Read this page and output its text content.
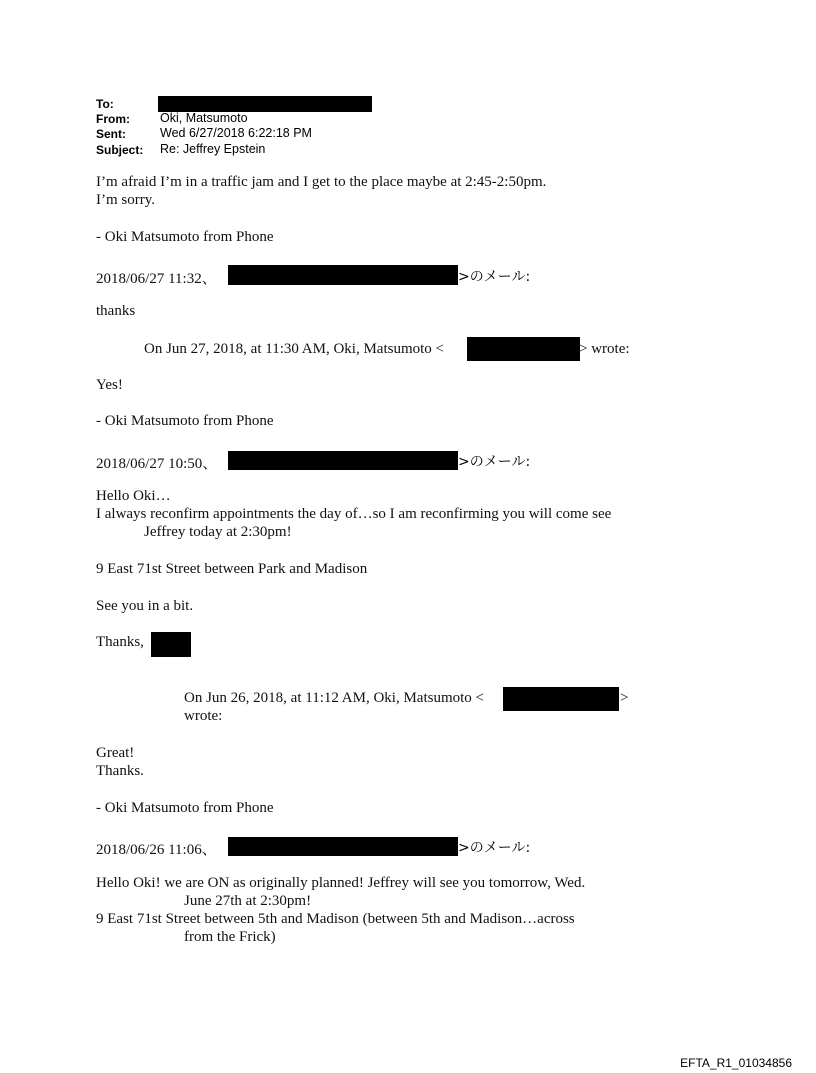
To:
From: Oki, Matsumoto
Sent:	Wed 6/27/2018 6:22:18 PM
Subject: Re: Jeffrey Epstein
I’m afraid I’m in a traffic jam and I get to the place maybe at 2:45-2:50pm.
I’m sorry.
- Oki Matsumoto from Phone
2018/06/27 11:32、	>のメール:
thanks
On Jun 27, 2018, at 11:30 AM, Oki, Matsumoto <	> wrote:
Yes!
- Oki Matsumoto from Phone
2018/06/27 10:50、	>のメール:
Hello Oki…
I always reconfirm appointments the day of…so I am reconfirming you will come see
Jeffrey today at 2:30pm!
9 East 71st Street between Park and Madison
See you in a bit.
Thanks,
On Jun 26, 2018, at 11:12 AM, Oki, Matsumoto <	>
wrote:
Great!
Thanks.
- Oki Matsumoto from Phone
2018/06/26 11:06、	>のメール:
Hello Oki! we are ON as originally planned! Jeffrey will see you tomorrow, Wed.
June 27th at 2:30pm!
9 East 71st Street between 5th and Madison (between 5th and Madison…across
from the Frick)
EFTA_R1_01034856
